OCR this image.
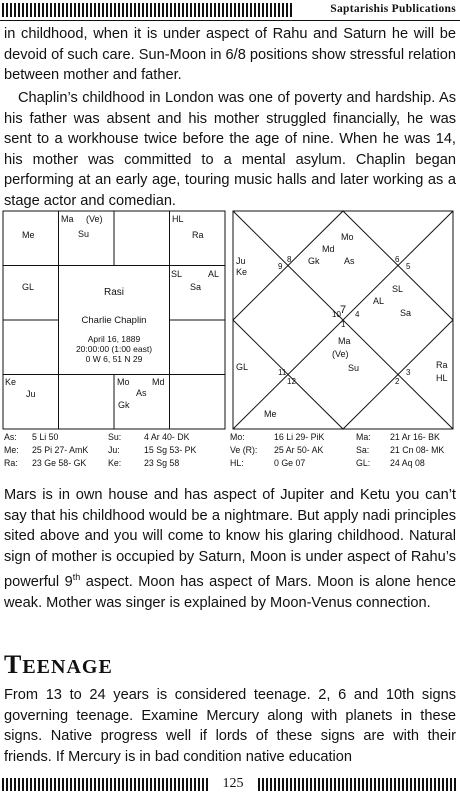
Saptarishis Publications
in childhood, when it is under aspect of Rahu and Saturn he will be devoid of such care. Sun-Moon in 6/8 positions show stressful relation between mother and father.
Chaplin’s childhood in London was one of poverty and hardship. As his father was absent and his mother struggled financially, he was sent to a workhouse twice before the age of nine. When he was 14, his mother was committed to a mental asylum. Chaplin began performing at an early age, touring music halls and later working as a stage actor and comedian.
Me
Ma (Ve)
Su
HL
Ra
GL
SL	AL
Sa
Ke
Ju
Mo Md
As
Gk
Rasi
Charlie Chaplin
April 16, 1889
20:00:00 (1:00 east)
0 W 6, 51 N 29
Mo
Md
Gk	As
Ju
Ke
SL
AL
Sa
Ma
(Ve)
Su
GL
Me
Ra
HL
9
8	6
5
10 7
1
4
11
12	2
3
As: 5 Li 50	Su:	4 Ar 40- DK	Mo:	16 Li 29- PiK	Ma: 21 Ar 16- BK
Me: 25 Pi 27- AmK Ju:	15 Sg 53- PK	Ve (R): 25 Ar 50- AK	Sa: 21 Cn 08- MK
Ra: 23 Ge 58- GK Ke:	23 Sg 58	HL:	0 Ge 07	GL: 24 Aq 08
Mars is in own house and has aspect of Jupiter and Ketu you can’t say that his childhood would be a nightmare. But apply nadi principles sited above and you will come to know his glaring childhood. Natural sign of mother is occupied by Saturn, Moon is under aspect of Rahu’s powerful 9th aspect. Moon has aspect of Mars. Moon is alone hence weak. Mother was singer is explained by Moon-Venus connection.
TEENAGE
From 13 to 24 years is considered teenage. 2, 6 and 10th signs governing teenage. Examine Mercury along with planets in these signs. Native progress well if lords of these signs are with their friends. If Mercury is in bad condition native education
125
